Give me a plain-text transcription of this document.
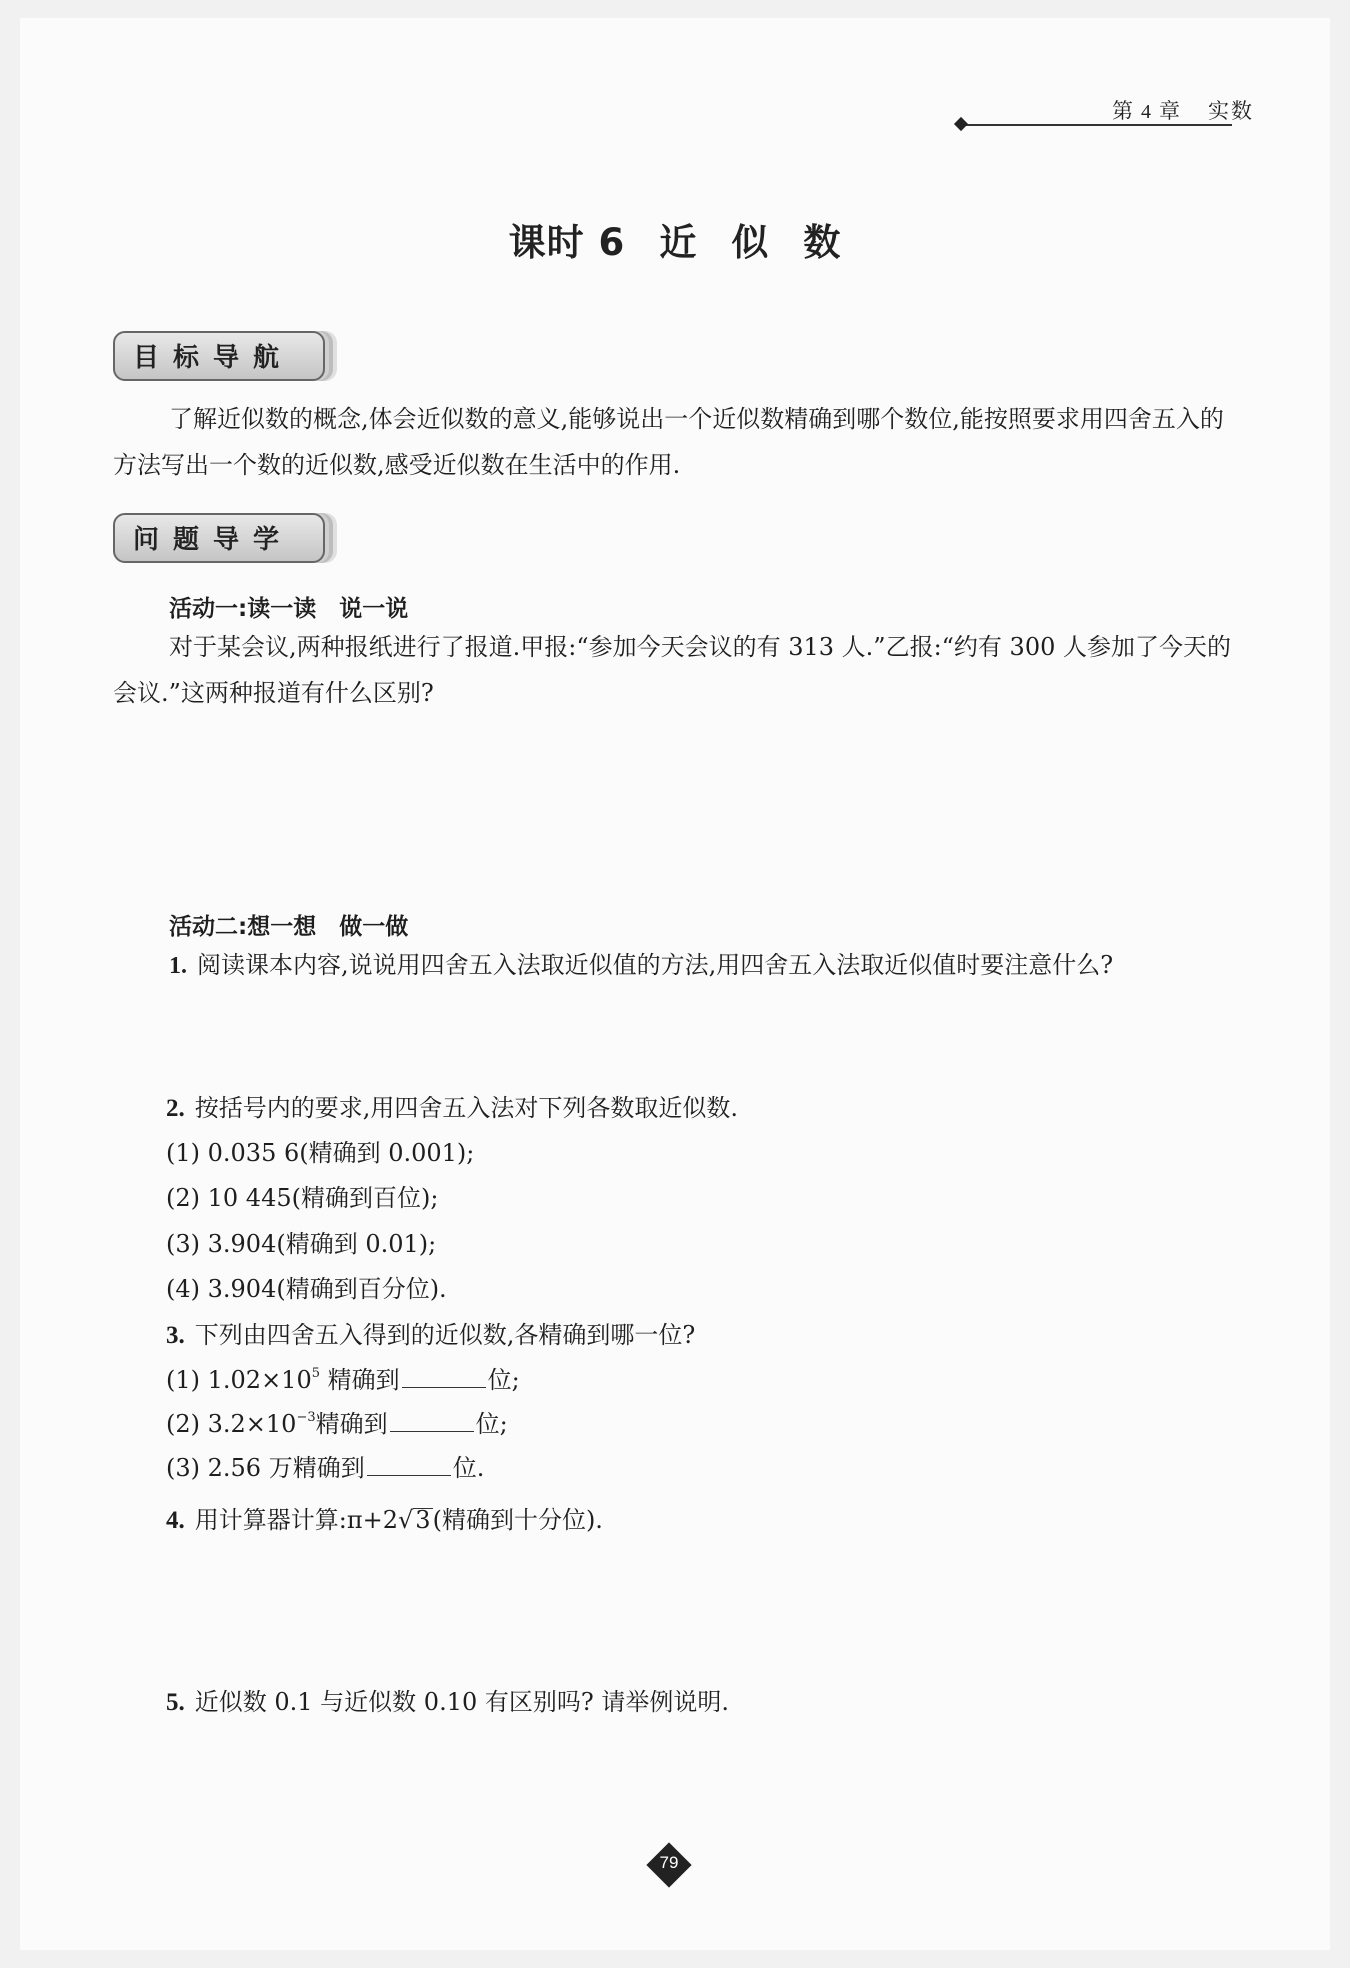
第 4 章 实数
课时 6 近 似 数
目标导航
了解近似数的概念,体会近似数的意义,能够说出一个近似数精确到哪个数位,能按照要求用四舍五入的方法写出一个数的近似数,感受近似数在生活中的作用.
问题导学
活动一:读一读　说一说
对于某会议,两种报纸进行了报道.甲报:“参加今天会议的有 313 人.”乙报:“约有 300 人参加了今天的会议.”这两种报道有什么区别?
活动二:想一想　做一做
1. 阅读课本内容,说说用四舍五入法取近似值的方法,用四舍五入法取近似值时要注意什么?
2. 按括号内的要求,用四舍五入法对下列各数取近似数.
(1) 0.035 6(精确到 0.001);
(2) 10 445(精确到百位);
(3) 3.904(精确到 0.01);
(4) 3.904(精确到百分位).
3. 下列由四舍五入得到的近似数,各精确到哪一位?
(1) $1.02\times 10^5$ 精确到	位;
(2) $3.2\times 10^{-3}$精确到	位;
(3) 2.56 万精确到	位.
4. 用计算器计算:π+2√3(精确到十分位).
5. 近似数 0.1 与近似数 0.10 有区别吗? 请举例说明.
79
